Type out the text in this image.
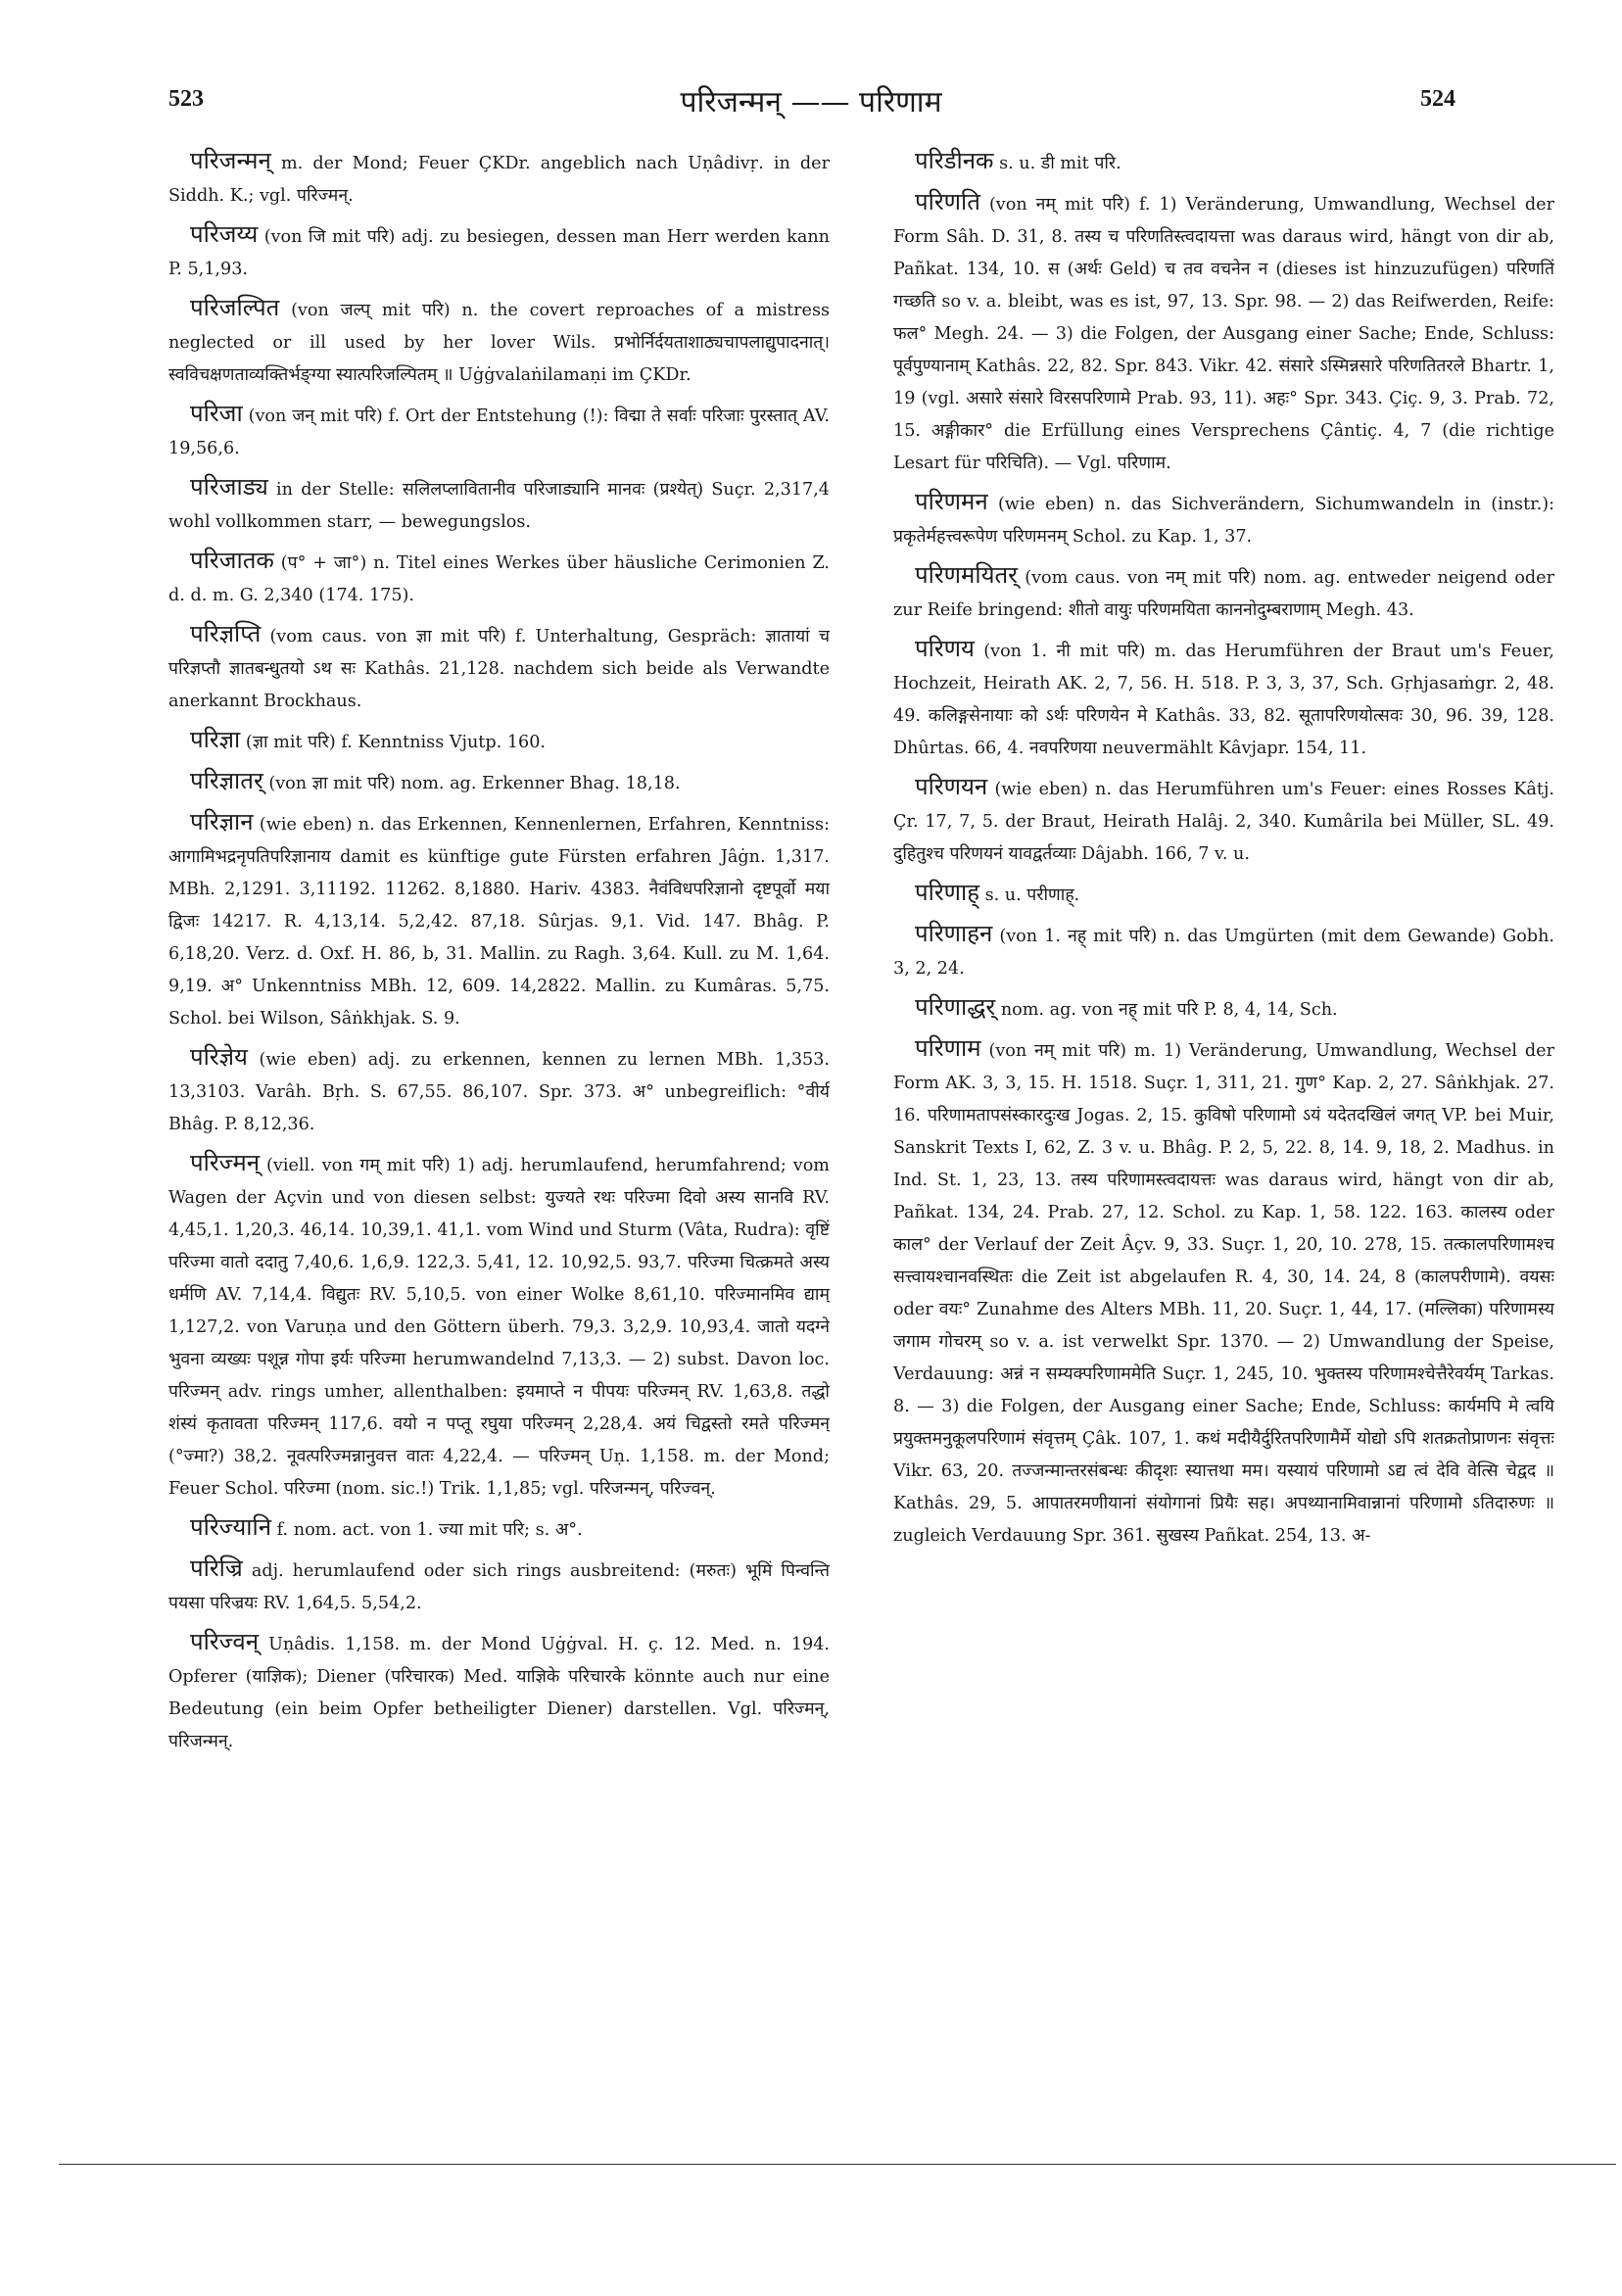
523	परिजन्मन् —— परिणाम	524

परिजन्मन् m. der Mond; Feuer ÇKDr. angeblich nach Uṇâdivṛ. in der Siddh. K.; vgl. परिज्मन्.

परिजय्य (von जि mit परि) adj. zu besiegen, dessen man Herr werden kann P. 5,1,93.

परिजल्पित (von जल्प् mit परि) n. the covert reproaches of a mistress neglected or ill used by her lover Wils. प्रभोर्निर्दयताशाठ्यचापलाद्युपादनात्। स्वविचक्षणताव्यक्तिर्भङ्ग्या स्यात्परिजल्पितम् ॥ Uġġvalaṅilamaṇi im ÇKDr.

परिजा (von जन् mit परि) f. Ort der Entstehung (!): विद्मा ते सर्वाः परिजाः पुरस्तात् AV. 19,56,6.

परिजाड्य in der Stelle: सलिलप्लावितानीव परिजाड्यानि मानवः (प्रश्येत्) Suçr. 2,317,4 wohl vollkommen starr, — bewegungslos.

परिजातक (प° + जा°) n. Titel eines Werkes über häusliche Cerimonien Z. d. d. m. G. 2,340 (174. 175).

परिज्ञप्ति (vom caus. von ज्ञा mit परि) f. Unterhaltung, Gespräch: ज्ञातायां च परिज्ञप्तौ ज्ञातबन्धुतयो ऽथ सः Kathâs. 21,128. nachdem sich beide als Verwandte anerkannt Brockhaus.

परिज्ञा (ज्ञा mit परि) f. Kenntniss Vjutp. 160.

परिज्ञातर् (von ज्ञा mit परि) nom. ag. Erkenner Bhag. 18,18.

परिज्ञान (wie eben) n. das Erkennen, Kennenlernen, Erfahren, Kenntniss: आगामिभद्रनृपतिपरिज्ञानाय damit es künftige gute Fürsten erfahren Jâġn. 1,317. MBh. 2,1291. 3,11192. 11262. 8,1880. Hariv. 4383. नैवंविधपरिज्ञानो दृष्टपूर्वो मया द्विजः 14217. R. 4,13,14. 5,2,42. 87,18. Sûrjas. 9,1. Vid. 147. Bhâg. P. 6,18,20. Verz. d. Oxf. H. 86, b, 31. Mallin. zu Ragh. 3,64. Kull. zu M. 1,64. 9,19. अ° Unkenntniss MBh. 12, 609. 14,2822. Mallin. zu Kumâras. 5,75. Schol. bei Wilson, Sâṅkhjak. S. 9.

परिज्ञेय (wie eben) adj. zu erkennen, kennen zu lernen MBh. 1,353. 13,3103. Varâh. Bṛh. S. 67,55. 86,107. Spr. 373. अ° unbegreiflich: °वीर्य Bhâg. P. 8,12,36.

परिज्मन् (viell. von गम् mit परि) 1) adj. herumlaufend, herumfahrend; vom Wagen der Açvin und von diesen selbst: युज्यते रथः परिज्मा दिवो अस्य सानवि RV. 4,45,1. 1,20,3. 46,14. 10,39,1. 41,1. vom Wind und Sturm (Vâta, Rudra): वृष्टिं परिज्मा वातो ददातु 7,40,6. 1,6,9. 122,3. 5,41, 12. 10,92,5. 93,7. परिज्मा चित्क्रमते अस्य धर्मणि AV. 7,14,4. विद्युतः RV. 5,10,5. von einer Wolke 8,61,10. परिज्मानमिव द्याम् 1,127,2. von Varuṇa und den Göttern überh. 79,3. 3,2,9. 10,93,4. जातो यदग्ने भुवना व्यख्यः पशून्न गोपा इर्यः परिज्मा herumwandelnd 7,13,3. — 2) subst. Davon loc. परिज्मन् adv. rings umher, allenthalben: इयमाप्ते न पीपयः परिज्मन् RV. 1,63,8. तद्धो शंस्यं कृतावता परिज्मन् 117,6. वयो न पप्तू रघुया परिज्मन् 2,28,4. अयं चिद्वस्तो रमते परिज्मन् (°ज्मा?) 38,2. नूवत्परिज्मन्नानुवत्त वातः 4,22,4. — परिज्मन् Uṇ. 1,158. m. der Mond; Feuer Schol. परिज्मा (nom. sic.!) Trik. 1,1,85; vgl. परिजन्मन्, परिज्वन्.

परिज्यानि f. nom. act. von 1. ज्या mit परि; s. अ°.

परिज्रि adj. herumlaufend oder sich rings ausbreitend: (मरुतः) भूमिं पिन्वन्ति पयसा परिज्रयः RV. 1,64,5. 5,54,2.

परिज्वन् Uṇâdis. 1,158. m. der Mond Uġġval. H. ç. 12. Med. n. 194. Opferer (याज्ञिक); Diener (परिचारक) Med. याज्ञिके परिचारके könnte auch nur eine Bedeutung (ein beim Opfer betheiligter Diener) darstellen. Vgl. परिज्मन्, परिजन्मन्.

परिडीनक s. u. डी mit परि.

परिणति (von नम् mit परि) f. 1) Veränderung, Umwandlung, Wechsel der Form Sâh. D. 31, 8. तस्य च परिणतिस्त्वदायत्ता was daraus wird, hängt von dir ab, Pañkat. 134, 10. स (अर्थः Geld) च तव वचनेन न (dieses ist hinzuzufügen) परिणतिं गच्छति so v. a. bleibt, was es ist, 97, 13. Spr. 98. — 2) das Reifwerden, Reife: फल° Megh. 24. — 3) die Folgen, der Ausgang einer Sache; Ende, Schluss: पूर्वपुण्यानाम् Kathâs. 22, 82. Spr. 843. Vikr. 42. संसारे ऽस्मिन्नसारे परिणतितरले Bhartr. 1, 19 (vgl. असारे संसारे विरसपरिणामे Prab. 93, 11). अहः° Spr. 343. Çiç. 9, 3. Prab. 72, 15. अङ्गीकार° die Erfüllung eines Versprechens Çântiç. 4, 7 (die richtige Lesart für परिचिति). — Vgl. परिणाम.

परिणमन (wie eben) n. das Sichverändern, Sichumwandeln in (instr.): प्रकृतेर्महत्त्वरूपेण परिणमनम् Schol. zu Kap. 1, 37.

परिणमयितर् (vom caus. von नम् mit परि) nom. ag. entweder neigend oder zur Reife bringend: शीतो वायुः परिणमयिता काननोदुम्बराणाम् Megh. 43.

परिणय (von 1. नी mit परि) m. das Herumführen der Braut um's Feuer, Hochzeit, Heirath AK. 2, 7, 56. H. 518. P. 3, 3, 37, Sch. Gṛhjasaṁgr. 2, 48. 49. कलिङ्गसेनायाः को ऽर्थः परिणयेन मे Kathâs. 33, 82. सूतापरिणयोत्सवः 30, 96. 39, 128. Dhûrtas. 66, 4. नवपरिणया neuvermählt Kâvjapr. 154, 11.

परिणयन (wie eben) n. das Herumführen um's Feuer: eines Rosses Kâtj. Çr. 17, 7, 5. der Braut, Heirath Halâj. 2, 340. Kumârila bei Müller, SL. 49. दुहितुश्च परिणयनं यावद्वर्तव्याः Dâjabh. 166, 7 v. u.

परिणाह् s. u. परीणाह्.

परिणाहन (von 1. नह् mit परि) n. das Umgürten (mit dem Gewande) Gobh. 3, 2, 24.

परिणाद्धर् nom. ag. von नह् mit परि P. 8, 4, 14, Sch.

परिणाम (von नम् mit परि) m. 1) Veränderung, Umwandlung, Wechsel der Form AK. 3, 3, 15. H. 1518. Suçr. 1, 311, 21. गुण° Kap. 2, 27. Sâṅkhjak. 27. 16. परिणामतापसंस्कारदुःख Jogas. 2, 15. कुविषो परिणामो ऽयं यदेतदखिलं जगत् VP. bei Muir, Sanskrit Texts I, 62, Z. 3 v. u. Bhâg. P. 2, 5, 22. 8, 14. 9, 18, 2. Madhus. in Ind. St. 1, 23, 13. तस्य परिणामस्त्वदायत्तः was daraus wird, hängt von dir ab, Pañkat. 134, 24. Prab. 27, 12. Schol. zu Kap. 1, 58. 122. 163. कालस्य oder काल° der Verlauf der Zeit Âçv. 9, 33. Suçr. 1, 20, 10. 278, 15. तत्कालपरिणामश्च सत्त्वायश्चानवस्थितः die Zeit ist abgelaufen R. 4, 30, 14. 24, 8 (कालपरीणामे). वयसः oder वयः° Zunahme des Alters MBh. 11, 20. Suçr. 1, 44, 17. (मल्लिका) परिणामस्य जगाम गोचरम् so v. a. ist verwelkt Spr. 1370. — 2) Umwandlung der Speise, Verdauung: अन्नं न सम्यक्परिणाममेति Suçr. 1, 245, 10. भुक्तस्य परिणामश्चेत्तैरेवर्यम् Tarkas. 8. — 3) die Folgen, der Ausgang einer Sache; Ende, Schluss: कार्यमपि मे त्वयि प्रयुक्तमनुकूलपरिणामं संवृत्तम् Çâk. 107, 1. कथं मदीयैर्दुरितपरिणामैर्मे योद्यो ऽपि शतक्रतोप्राणनः संवृत्तः Vikr. 63, 20. तज्जन्मान्तरसंबन्धः कीदृशः स्यात्तथा मम। यस्यायं परिणामो ऽद्य त्वं देवि वेत्सि चेद्वद ॥ Kathâs. 29, 5. आपातरमणीयानां संयोगानां प्रियैः सह। अपथ्यानामिवान्नानां परिणामो ऽतिदारुणः ॥ zugleich Verdauung Spr. 361. सुखस्य Pañkat. 254, 13. अ-
